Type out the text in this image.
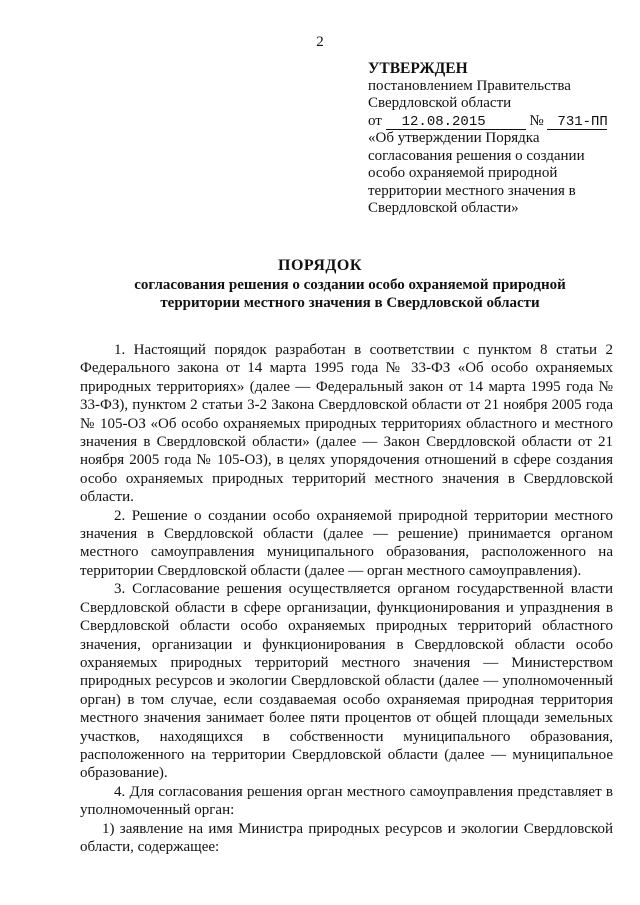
2
УТВЕРЖДЕН
постановлением Правительства
Свердловской области
от 12.08.2015	№ 731-ПП
«Об утверждении Порядка
согласования решения о создании
особо охраняемой природной
территории местного значения в
Свердловской области»
ПОРЯДОК
согласования решения о создании особо охраняемой природной территории местного значения в Свердловской области

1. Настоящий порядок разработан в соответствии с пунктом 8 статьи 2 Федерального закона от 14 марта 1995 года № 33-ФЗ «Об особо охраняемых природных территориях» (далее — Федеральный закон от 14 марта 1995 года № 33-ФЗ), пунктом 2 статьи 3-2 Закона Свердловской области от 21 ноября 2005 года № 105-ОЗ «Об особо охраняемых природных территориях областного и местного значения в Свердловской области» (далее — Закон Свердловской области от 21 ноября 2005 года № 105-ОЗ), в целях упорядочения отношений в сфере создания особо охраняемых природных территорий местного значения в Свердловской области.

2. Решение о создании особо охраняемой природной территории местного значения в Свердловской области (далее — решение) принимается органом местного самоуправления муниципального образования, расположенного на территории Свердловской области (далее — орган местного самоуправления).

3. Согласование решения осуществляется органом государственной власти Свердловской области в сфере организации, функционирования и упразднения в Свердловской области особо охраняемых природных территорий областного значения, организации и функционирования в Свердловской области особо охраняемых природных территорий местного значения — Министерством природных ресурсов и экологии Свердловской области (далее — уполномоченный орган) в том случае, если создаваемая особо охраняемая природная территория местного значения занимает более пяти процентов от общей площади земельных участков, находящихся в собственности муниципального образования, расположенного на территории Свердловской области (далее — муниципальное образование).

4. Для согласования решения орган местного самоуправления представляет в уполномоченный орган:

1) заявление на имя Министра природных ресурсов и экологии Свердловской области, содержащее:
